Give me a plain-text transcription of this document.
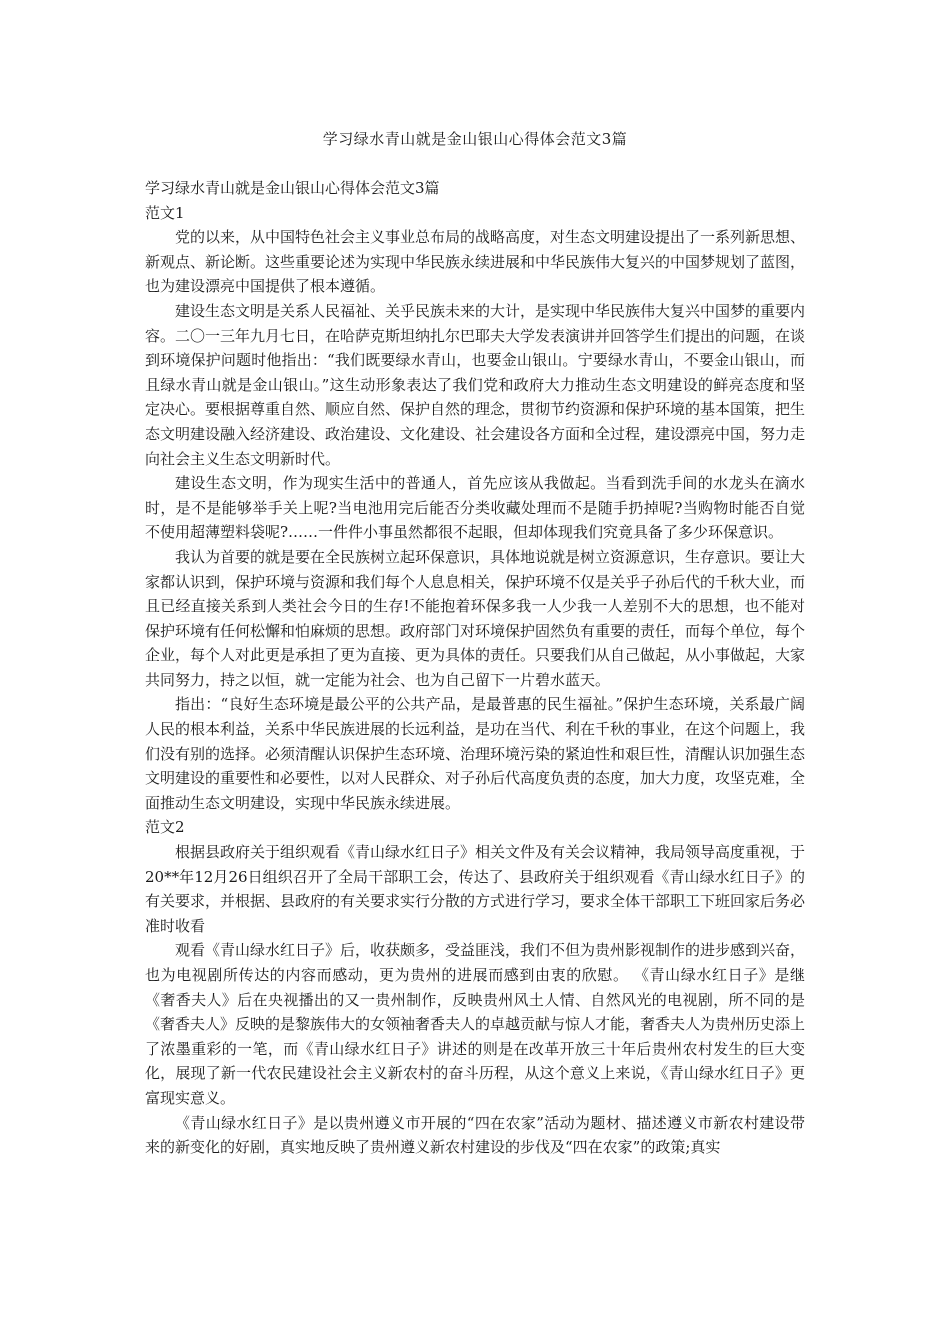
学习绿水青山就是金山银山心得体会范文3篇

学习绿水青山就是金山银山心得体会范文3篇

范文1

党的以来，从中国特色社会主义事业总布局的战略高度，对生态文明建设提出了一系列新思想、新观点、新论断。这些重要论述为实现中华民族永续进展和中华民族伟大复兴的中国梦规划了蓝图，也为建设漂亮中国提供了根本遵循。

建设生态文明是关系人民福祉、关乎民族未来的大计，是实现中华民族伟大复兴中国梦的重要内容。二〇一三年九月七日，在哈萨克斯坦纳扎尔巴耶夫大学发表演讲并回答学生们提出的问题，在谈到环境保护问题时他指出：“我们既要绿水青山，也要金山银山。宁要绿水青山，不要金山银山，而且绿水青山就是金山银山。”这生动形象表达了我们党和政府大力推动生态文明建设的鲜亮态度和坚定决心。要根据尊重自然、顺应自然、保护自然的理念，贯彻节约资源和保护环境的基本国策，把生态文明建设融入经济建设、政治建设、文化建设、社会建设各方面和全过程，建设漂亮中国，努力走向社会主义生态文明新时代。

建设生态文明，作为现实生活中的普通人，首先应该从我做起。当看到洗手间的水龙头在滴水时，是不是能够举手关上呢?当电池用完后能否分类收藏处理而不是随手扔掉呢?当购物时能否自觉不使用超薄塑料袋呢?……一件件小事虽然都很不起眼，但却体现我们究竟具备了多少环保意识。

我认为首要的就是要在全民族树立起环保意识，具体地说就是树立资源意识，生存意识。要让大家都认识到，保护环境与资源和我们每个人息息相关，保护环境不仅是关乎子孙后代的千秋大业，而且已经直接关系到人类社会今日的生存!不能抱着环保多我一人少我一人差别不大的思想，也不能对保护环境有任何松懈和怕麻烦的思想。政府部门对环境保护固然负有重要的责任，而每个单位，每个企业，每个人对此更是承担了更为直接、更为具体的责任。只要我们从自己做起，从小事做起，大家共同努力，持之以恒，就一定能为社会、也为自己留下一片碧水蓝天。

指出：“良好生态环境是最公平的公共产品，是最普惠的民生福祉。”保护生态环境，关系最广阔人民的根本利益，关系中华民族进展的长远利益，是功在当代、利在千秋的事业，在这个问题上，我们没有别的选择。必须清醒认识保护生态环境、治理环境污染的紧迫性和艰巨性，清醒认识加强生态文明建设的重要性和必要性，以对人民群众、对子孙后代高度负责的态度，加大力度，攻坚克难，全面推动生态文明建设，实现中华民族永续进展。

范文2

根据县政府关于组织观看《青山绿水红日子》相关文件及有关会议精神，我局领导高度重视，于20**年12月26日组织召开了全局干部职工会，传达了、县政府关于组织观看《青山绿水红日子》的有关要求，并根据、县政府的有关要求实行分散的方式进行学习，要求全体干部职工下班回家后务必准时收看

观看《青山绿水红日子》后，收获颇多，受益匪浅，我们不但为贵州影视制作的进步感到兴奋，也为电视剧所传达的内容而感动，更为贵州的进展而感到由衷的欣慰。 《青山绿水红日子》是继《奢香夫人》后在央视播出的又一贵州制作，反映贵州风土人情、自然风光的电视剧，所不同的是《奢香夫人》反映的是黎族伟大的女领袖奢香夫人的卓越贡献与惊人才能，奢香夫人为贵州历史添上了浓墨重彩的一笔，而《青山绿水红日子》讲述的则是在改革开放三十年后贵州农村发生的巨大变化，展现了新一代农民建设社会主义新农村的奋斗历程，从这个意义上来说，《青山绿水红日子》更富现实意义。

《青山绿水红日子》是以贵州遵义市开展的“四在农家”活动为题材、描述遵义市新农村建设带来的新变化的好剧，真实地反映了贵州遵义新农村建设的步伐及“四在农家”的政策;真实
